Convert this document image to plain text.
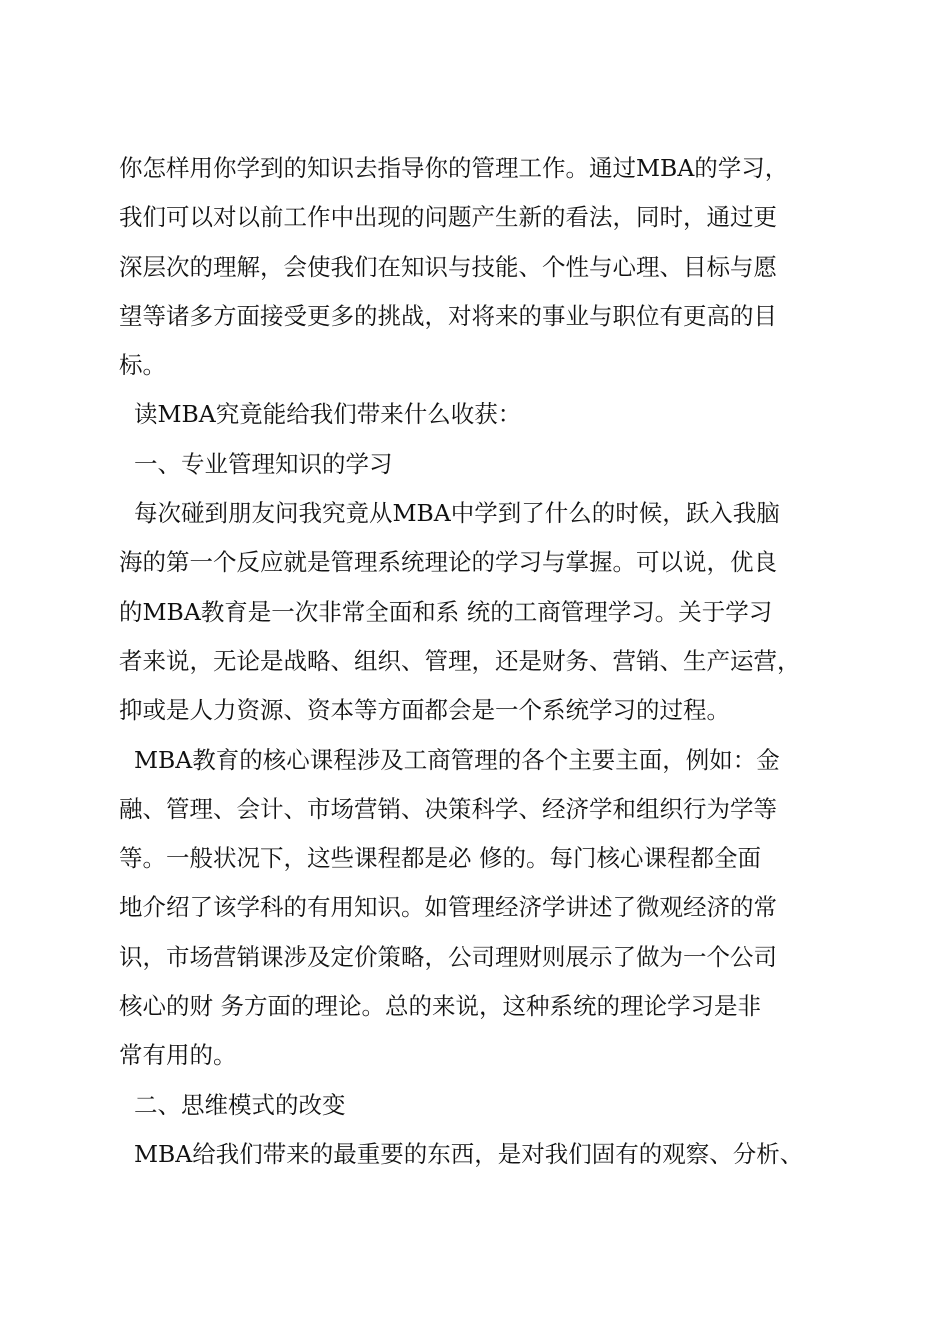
你怎样用你学到的知识去指导你的管理工作。通过MBA的学习，
我们可以对以前工作中出现的问题产生新的看法，同时，通过更
深层次的理解，会使我们在知识与技能、个性与心理、目标与愿
望等诸多方面接受更多的挑战，对将来的事业与职位有更高的目
标。
读MBA究竟能给我们带来什么收获：
一、专业管理知识的学习
每次碰到朋友问我究竟从MBA中学到了什么的时候，跃入我脑
海的第一个反应就是管理系统理论的学习与掌握。可以说，优良
的MBA教育是一次非常全面和系 统的工商管理学习。关于学习
者来说，无论是战略、组织、管理，还是财务、营销、生产运营，
抑或是人力资源、资本等方面都会是一个系统学习的过程。
MBA教育的核心课程涉及工商管理的各个主要主面，例如：金
融、管理、会计、市场营销、决策科学、经济学和组织行为学等
等。一般状况下，这些课程都是必 修的。每门核心课程都全面
地介绍了该学科的有用知识。如管理经济学讲述了微观经济的常
识，市场营销课涉及定价策略，公司理财则展示了做为一个公司
核心的财 务方面的理论。总的来说，这种系统的理论学习是非
常有用的。
二、思维模式的改变
MBA给我们带来的最重要的东西，是对我们固有的观察、分析、
